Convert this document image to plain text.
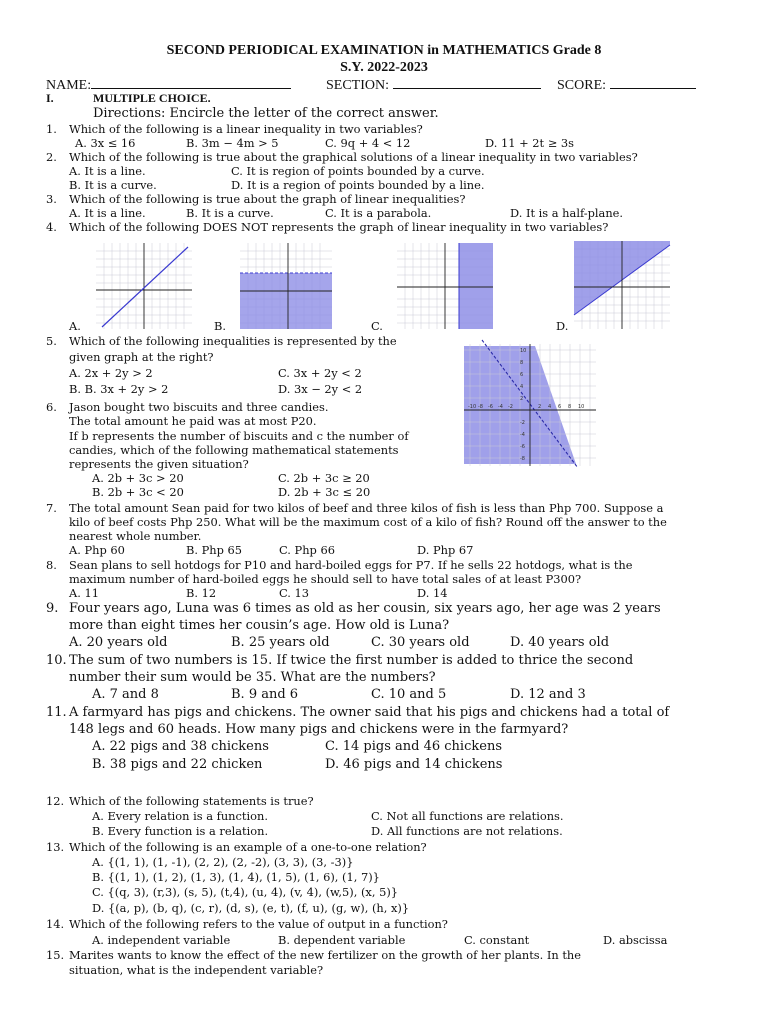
SECOND PERIODICAL EXAMINATION in MATHEMATICS Grade 8
S.Y. 2022-2023
NAME:	SECTION:	SCORE:
I.	MULTIPLE CHOICE.
Directions: Encircle the letter of the correct answer.
1. Which of the following is a linear inequality in two variables?
A. 3x ≤ 16	B. 3m − 4m > 5	C. 9q + 4 < 12	D. 11 + 2t ≥ 3s
2. Which of the following is true about the graphical solutions of a linear inequality in two variables?
A. It is a line.	C. It is region of points bounded by a curve.
B. It is a curve.	D. It is a region of points bounded by a line.
3. Which of the following is true about the graph of linear inequalities?
A. It is a line.	B. It is a curve.	C. It is a parabola.	D. It is a half-plane.
4. Which of the following DOES NOT represents the graph of linear inequality in two variables?
A.	B.	C.	D.
5. Which of the following inequalities is represented by the
given graph at the right?
A. 2x + 2y > 2	C. 3x + 2y < 2
B. B. 3x + 2y > 2	D. 3x − 2y < 2
-10 -8 -6 -4 -2	2 4 6 8 10
10
8
6
4
2
-2
-4
-6
-8
6. Jason bought two biscuits and three candies.
The total amount he paid was at most P20.
If b represents the number of biscuits and c the number of
candies, which of the following mathematical statements
represents the given situation?
A. 2b + 3c > 20	C. 2b + 3c ≥ 20
B. 2b + 3c < 20	D. 2b + 3c ≤ 20
7. The total amount Sean paid for two kilos of beef and three kilos of fish is less than Php 700. Suppose a
kilo of beef costs Php 250. What will be the maximum cost of a kilo of fish? Round off the answer to the
nearest whole number.
A. Php 60	B. Php 65	C. Php 66	D. Php 67
8. Sean plans to sell hotdogs for P10 and hard-boiled eggs for P7. If he sells 22 hotdogs, what is the
maximum number of hard-boiled eggs he should sell to have total sales of at least P300?
A. 11	B. 12	C. 13	D. 14
9. Four years ago, Luna was 6 times as old as her cousin, six years ago, her age was 2 years
more than eight times her cousin’s age. How old is Luna?
A. 20 years old	B. 25 years old	C. 30 years old	D. 40 years old
10. The sum of two numbers is 15. If twice the first number is added to thrice the second
number their sum would be 35. What are the numbers?
A. 7 and 8	B. 9 and 6	C. 10 and 5	D. 12 and 3
11. A farmyard has pigs and chickens. The owner said that his pigs and chickens had a total of
148 legs and 60 heads. How many pigs and chickens were in the farmyard?
A. 22 pigs and 38 chickens	C. 14 pigs and 46 chickens
B. 38 pigs and 22 chicken	D. 46 pigs and 14 chickens
12. Which of the following statements is true?
A. Every relation is a function.	C. Not all functions are relations.
B. Every function is a relation.	D. All functions are not relations.
13. Which of the following is an example of a one-to-one relation?
A. {(1, 1), (1, -1), (2, 2), (2, -2), (3, 3), (3, -3)}
B. {(1, 1), (1, 2), (1, 3), (1, 4), (1, 5), (1, 6), (1, 7)}
C. {(q, 3), (r,3), (s, 5), (t,4), (u, 4), (v, 4), (w,5), (x, 5)}
D. {(a, p), (b, q), (c, r), (d, s), (e, t), (f, u), (g, w), (h, x)}
14. Which of the following refers to the value of output in a function?
A. independent variable	B. dependent variable	C. constant	D. abscissa
15. Marites wants to know the effect of the new fertilizer on the growth of her plants. In the
situation, what is the independent variable?
